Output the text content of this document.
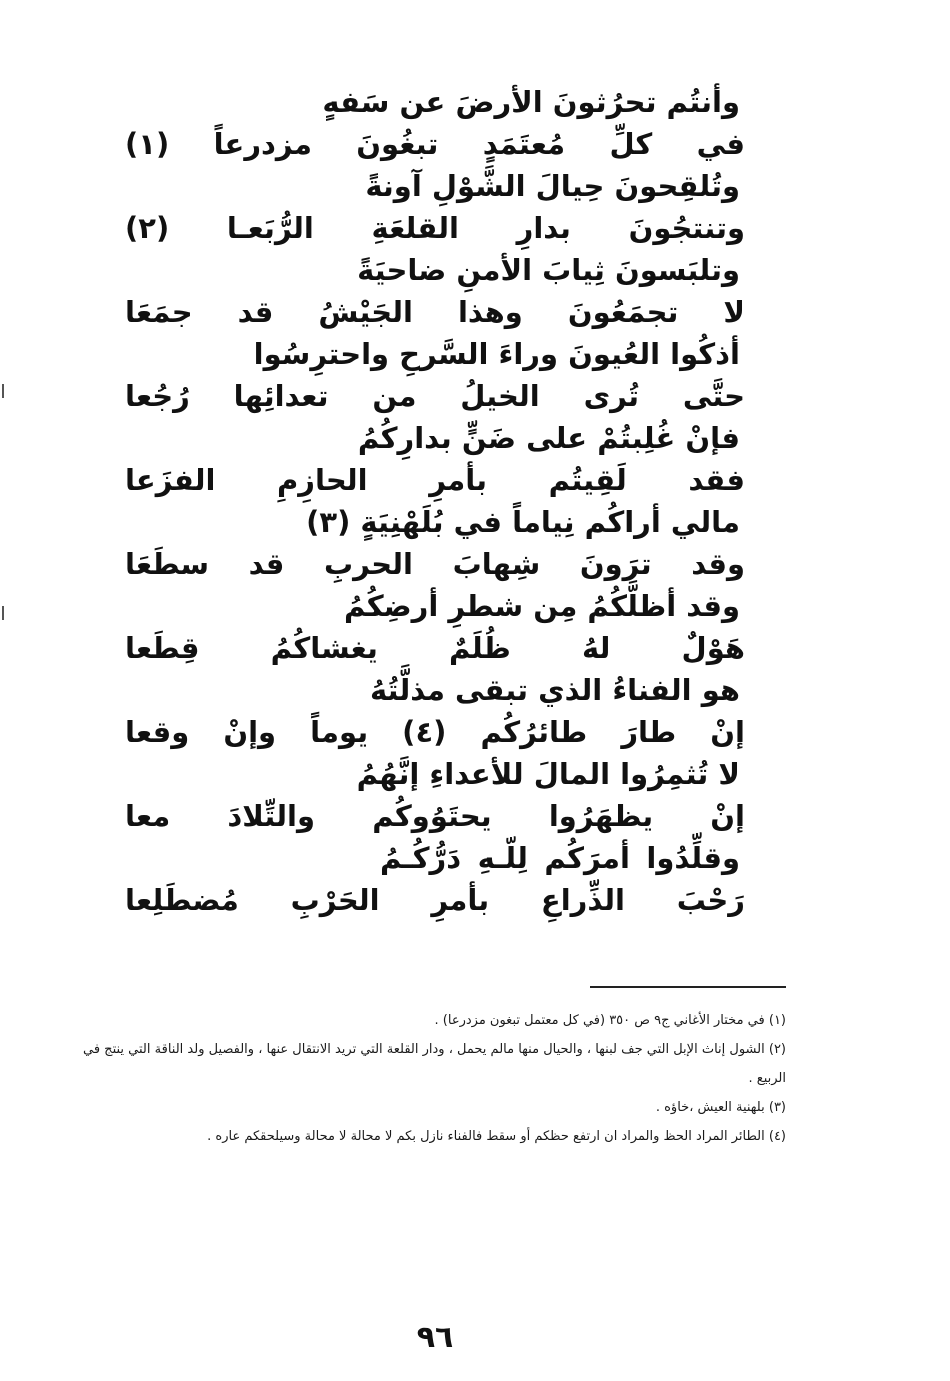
وأنتُم تحرُثونَ الأرضَ عن سَفهٍ
في كلِّ مُعتَمَدٍ تبغُونَ مزدرعاً (١)
وتُلقِحونَ حِيالَ الشَّوْلِ آونةً
وتنتجُونَ بدارِ القلعَةِ الرُّبَعـا (٢)
وتلبَسونَ ثِيابَ الأمنِ ضاحيَةً
لا تجمَعُونَ وهذا الجَيْشُ قد جمَعَا
أذكُوا العُيونَ وراءَ السَّرحِ واحترِسُوا
حتَّى تُرى الخيلُ من تعدائِها رُجُعا
فإنْ غُلِبتُمْ على ضَنٍّ بدارِكُمُ
فقد لَقِيتُم بأمرِ الحازِمِ الفزَعا
مالي أراكُم نِياماً في بُلَهْنِيَةٍ (٣)
وقد ترَونَ شِهابَ الحربِ قد سطَعَا
وقد أظلَّكُمُ مِن شطرِ أرضِكُمُ
هَوْلٌ لهُ ظُلَمٌ يغشاكُمُ قِطَعا
هو الفناءُ الذي تبقى مذلَّتُهُ
إنْ طارَ طائرُكُم (٤) يوماً وإنْ وقعا
لا تُثمِرُوا المالَ للأعداءِ إنَّهُمُ
إنْ يظهَرُوا يحتَوُوكُم والتِّلادَ معا
وقلِّدُوا أمرَكُم لِلّـهِ دَرُّكُـمُ
رَحْبَ الذِّراعِ بأمرِ الحَرْبِ مُضطَلِعا
(١) في مختار الأغاني ج٩ ص ٣٥٠ (في كل معتمل تبغون مزدرعا) .
(٢) الشول إناث الإبل التي جف لبنها ، والحيال منها مالم يحمل ، ودار القلعة التي تريد الانتقال عنها ، والفصيل ولد الناقة التي ينتج في الربيع .
(٣) بلهنية العيش ،خاؤه .
(٤) الطائر المراد الحظ والمراد ان ارتفع حظكم أو سقط فالفناء نازل بكم لا محالة لا محالة وسيلحقكم عاره .
٩٦
